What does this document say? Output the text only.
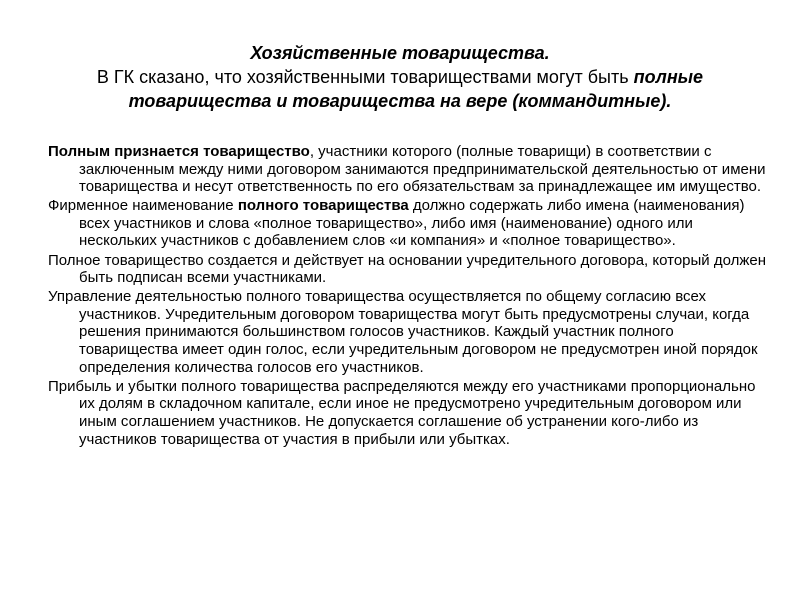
Хозяйственные товарищества.
В ГК сказано, что хозяйственными товариществами могут быть полные
товарищества и товарищества на вере (коммандитные).

Полным признается товарищество, участники которого (полные товарищи) в соответствии с заключенным между ними договором занимаются предпринимательской деятельностью от имени товарищества и несут ответственность по его обязательствам за принадлежащее им имущество.

Фирменное наименование полного товарищества должно содержать либо имена (наименования) всех участников и слова «полное товарищество», либо имя (наименование) одного или нескольких участников с добавлением слов «и компания» и «полное товарищество».

Полное товарищество создается и действует на основании учредительного договора, который должен быть подписан всеми участниками.

Управление деятельностью полного товарищества осуществляется по общему согласию всех участников. Учредительным договором товарищества могут быть предусмотрены случаи, когда решения принимаются большинством голосов участников. Каждый участник полного товарищества имеет один голос, если учредительным договором не предусмотрен иной порядок определения количества голосов его участников.

Прибыль и убытки полного товарищества распределяются между его участниками пропорционально их долям в складочном капитале, если иное не предусмотрено учредительным договором или иным соглашением участников. Не допускается соглашение об устранении кого-либо из участников товарищества от участия в прибыли или убытках.
